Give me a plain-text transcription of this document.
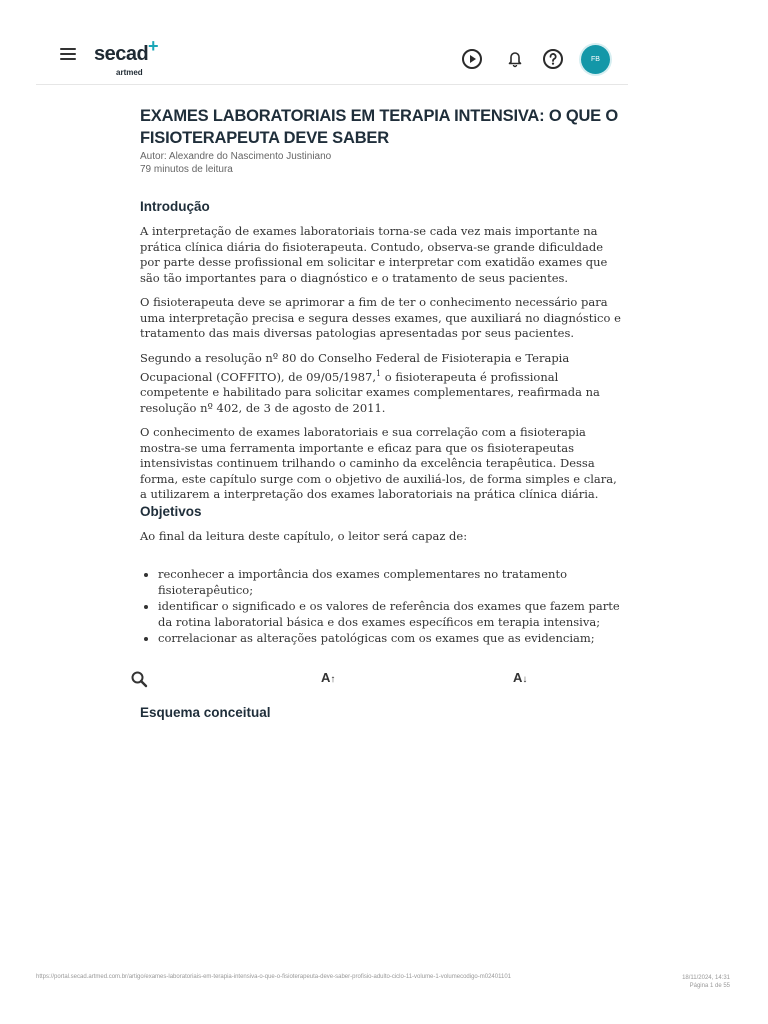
secad +
artmed
FB
EXAMES LABORATORIAIS EM TERAPIA INTENSIVA: O QUE O FISIOTERAPEUTA DEVE SABER
Autor: Alexandre do Nascimento Justiniano
79 minutos de leitura
Introdução

A interpretação de exames laboratoriais torna-se cada vez mais importante na prática clínica diária do fisioterapeuta. Contudo, observa-se grande dificuldade por parte desse profissional em solicitar e interpretar com exatidão exames que são tão importantes para o diagnóstico e o tratamento de seus pacientes.

O fisioterapeuta deve se aprimorar a fim de ter o conhecimento necessário para uma interpretação precisa e segura desses exames, que auxiliará no diagnóstico e tratamento das mais diversas patologias apresentadas por seus pacientes.

Segundo a resolução nº 80 do Conselho Federal de Fisioterapia e Terapia Ocupacional (COFFITO), de 09/05/1987,$^1$ o fisioterapeuta é profissional competente e habilitado para solicitar exames complementares, reafirmada na resolução nº 402, de 3 de agosto de 2011.

O conhecimento de exames laboratoriais e sua correlação com a fisioterapia mostra-se uma ferramenta importante e eficaz para que os fisioterapeutas intensivistas continuem trilhando o caminho da excelência terapêutica. Dessa forma, este capítulo surge com o objetivo de auxiliá-los, de forma simples e clara, a utilizarem a interpretação dos exames laboratoriais na prática clínica diária.

Objetivos

Ao final da leitura deste capítulo, o leitor será capaz de:

• reconhecer a importância dos exames complementares no tratamento fisioterapêutico;
• identificar o significado e os valores de referência dos exames que fazem parte da rotina laboratorial básica e dos exames específicos em terapia intensiva;
• correlacionar as alterações patológicas com os exames que as evidenciam;
A↑	A↓
Esquema conceitual
https://portal.secad.artmed.com.br/artigo/exames-laboratoriais-em-terapia-intensiva-o-que-o-fisioterapeuta-deve-saber-profisio-adulto-ciclo-11-volume-1-volumecodigo-m02401101	18/11/2024, 14:31
Página 1 de 55
